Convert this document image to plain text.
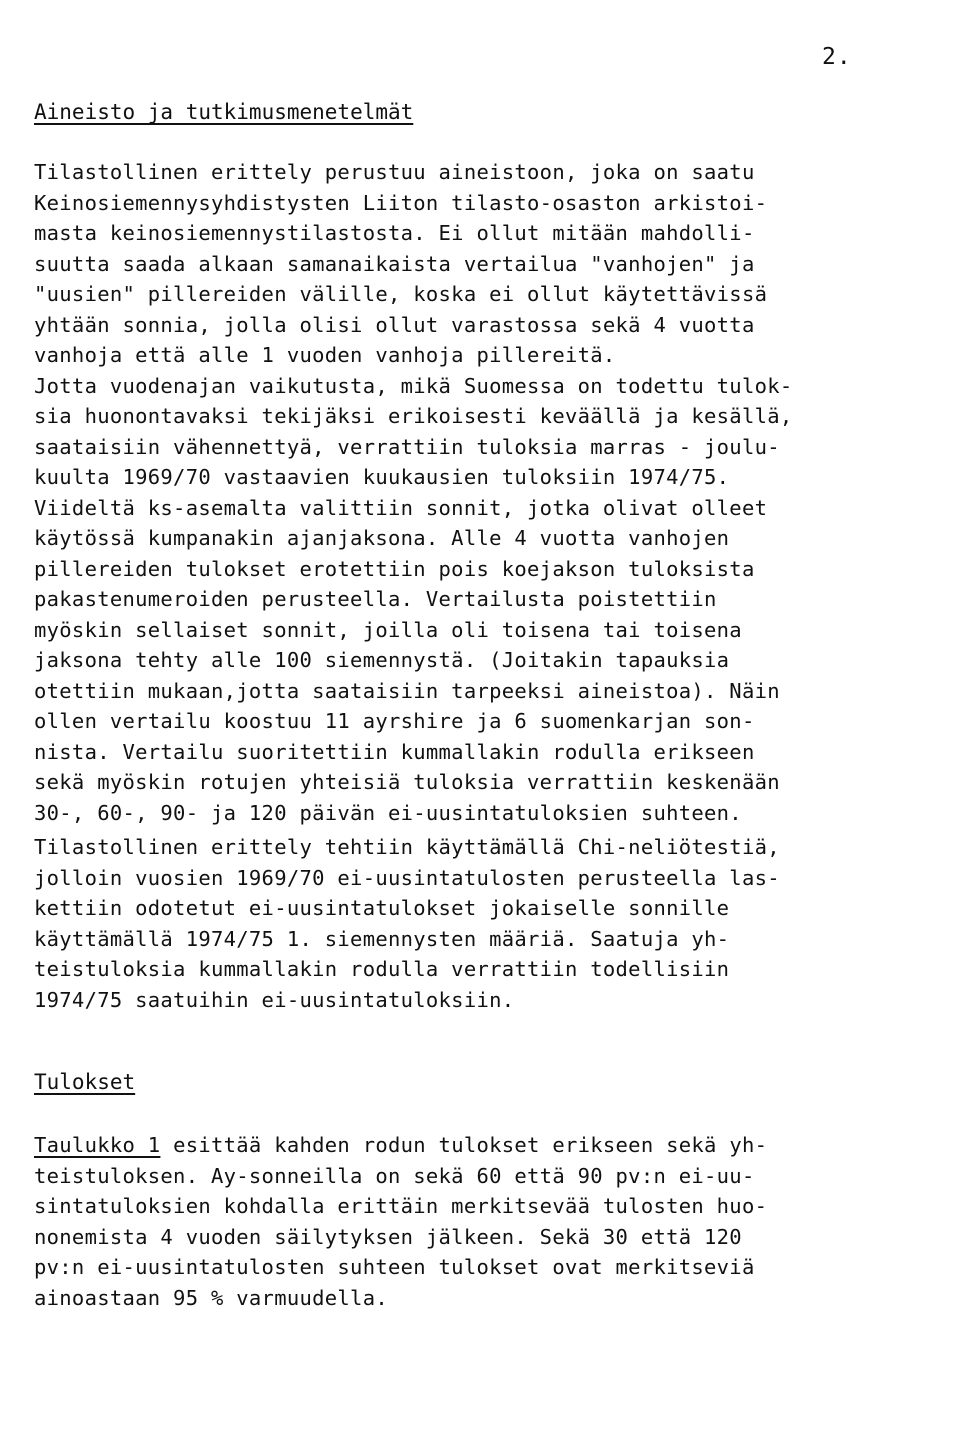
2.
Aineisto ja tutkimusmenetelmät
Tilastollinen erittely perustuu aineistoon, joka on saatu
Keinosiemennysyhdistysten Liiton tilasto-osaston arkistoi-
masta keinosiemennystilastosta. Ei ollut mitään mahdolli-
suutta saada alkaan samanaikaista vertailua "vanhojen" ja
"uusien" pillereiden välille, koska ei ollut käytettävissä
yhtään sonnia, jolla olisi ollut varastossa sekä 4 vuotta
vanhoja että alle 1 vuoden vanhoja pillereitä.
Jotta vuodenajan vaikutusta, mikä Suomessa on todettu tulok-
sia huonontavaksi tekijäksi erikoisesti keväällä ja kesällä,
saataisiin vähennettyä, verrattiin tuloksia marras - joulu-
kuulta 1969/70 vastaavien kuukausien tuloksiin 1974/75.
Viideltä ks-asemalta valittiin sonnit, jotka olivat olleet
käytössä kumpanakin ajanjaksona. Alle 4 vuotta vanhojen
pillereiden tulokset erotettiin pois koejakson tuloksista
pakastenumeroiden perusteella. Vertailusta poistettiin
myöskin sellaiset sonnit, joilla oli toisena tai toisena
jaksona tehty alle 100 siemennystä. (Joitakin tapauksia
otettiin mukaan,jotta saataisiin tarpeeksi aineistoa). Näin
ollen vertailu koostuu 11 ayrshire ja 6 suomenkarjan son-
nista. Vertailu suoritettiin kummallakin rodulla erikseen
sekä myöskin rotujen yhteisiä tuloksia verrattiin keskenään
30-, 60-, 90- ja 120 päivän ei-uusintatuloksien suhteen.
Tilastollinen erittely tehtiin käyttämällä Chi-neliötestiä,
jolloin vuosien 1969/70 ei-uusintatulosten perusteella las-
kettiin odotetut ei-uusintatulokset jokaiselle sonnille
käyttämällä 1974/75 1. siemennysten määriä. Saatuja yh-
teistuloksia kummallakin rodulla verrattiin todellisiin
1974/75 saatuihin ei-uusintatuloksiin.
Tulokset
Taulukko 1 esittää kahden rodun tulokset erikseen sekä yh-
teistuloksen. Ay-sonneilla on sekä 60 että 90 pv:n ei-uu-
sintatuloksien kohdalla erittäin merkitsevää tulosten huo-
nonemista 4 vuoden säilytyksen jälkeen. Sekä 30 että 120
pv:n ei-uusintatulosten suhteen tulokset ovat merkitseviä
ainoastaan 95 % varmuudella.
